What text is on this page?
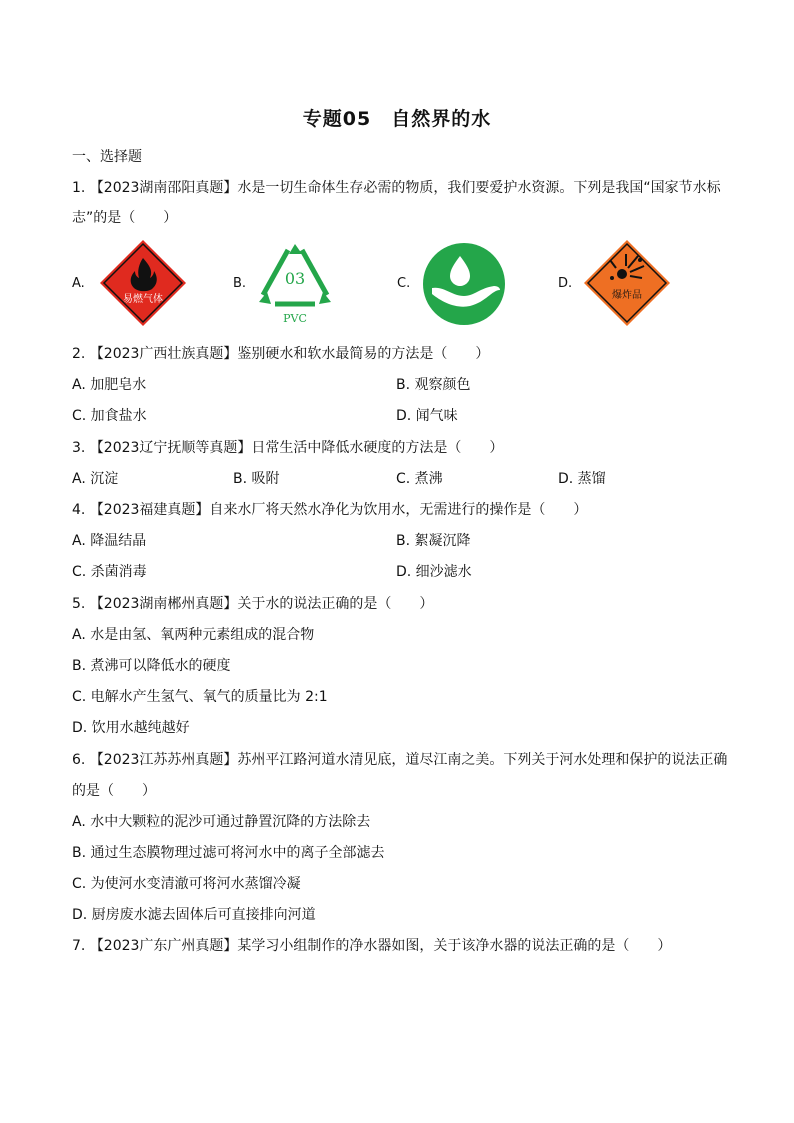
专题05　自然界的水
一、选择题
1. 【2023湖南邵阳真题】水是一切生命体生存必需的物质，我们要爱护水资源。下列是我国“国家节水标
志”的是（　　）
A.
易燃气体
B. 03
PVC
C.	D.
爆炸品
2. 【2023广西壮族真题】鉴别硬水和软水最简易的方法是（　　）
A. 加肥皂水	B. 观察颜色
C. 加食盐水	D. 闻气味
3. 【2023辽宁抚顺等真题】日常生活中降低水硬度的方法是（　　）
A. 沉淀	B. 吸附	C. 煮沸	D. 蒸馏
4. 【2023福建真题】自来水厂将天然水净化为饮用水，无需进行的操作是（　　）
A. 降温结晶	B. 絮凝沉降
C. 杀菌消毒	D. 细沙滤水
5. 【2023湖南郴州真题】关于水的说法正确的是（　　）
A. 水是由氢、氧两种元素组成的混合物
B. 煮沸可以降低水的硬度
C. 电解水产生氢气、氧气的质量比为 2:1
D. 饮用水越纯越好
6. 【2023江苏苏州真题】苏州平江路河道水清见底，道尽江南之美。下列关于河水处理和保护的说法正确
的是（　　）
A. 水中大颗粒的泥沙可通过静置沉降的方法除去
B. 通过生态膜物理过滤可将河水中的离子全部滤去
C. 为使河水变清澈可将河水蒸馏冷凝
D. 厨房废水滤去固体后可直接排向河道
7. 【2023广东广州真题】某学习小组制作的净水器如图，关于该净水器的说法正确的是（　　）
